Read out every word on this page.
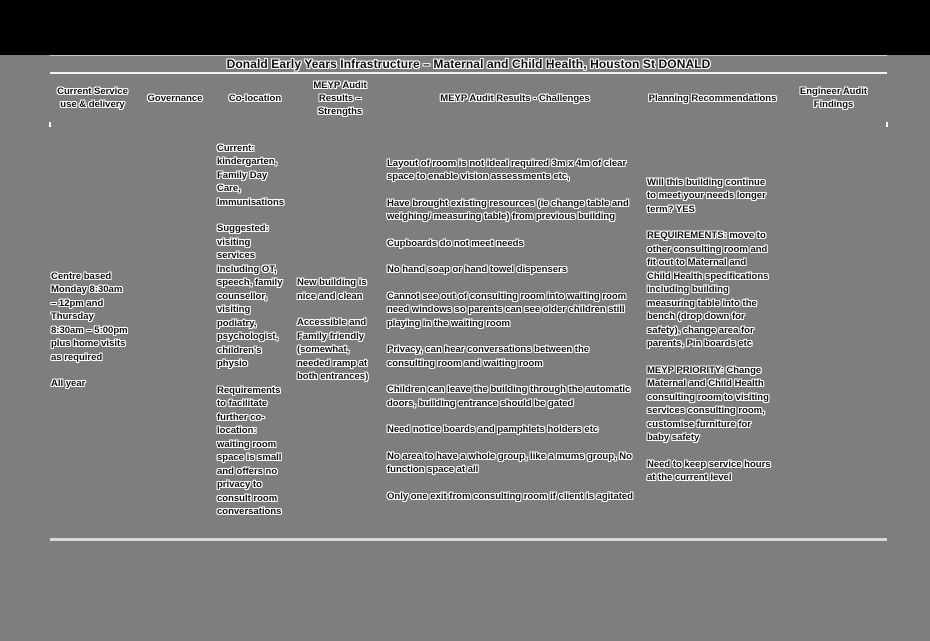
Donald Early Years Infrastructure – Maternal and Child Health, Houston St DONALD
Current Service use & delivery
Governance	Co-location
MEYP Audit Results – Strengths
MEYP Audit Results - Challenges	Planning Recommendations
Engineer Audit Findings

Centre based Monday 8:30am – 12pm and Thursday 8:30am – 5:00pm plus home visits as required

All year

Current: kindergarten, Family Day Care, Immunisations

Suggested: visiting services including OT, speech, family counsellor, visiting podiatry, psychologist, children's physio

Requirements to facilitate further co-location: waiting room space is small and offers no privacy to consult room conversations

New building is nice and clean

Accessible and Family friendly (somewhat, needed ramp at both entrances)

Layout of room is not ideal required 3m x 4m of clear space to enable vision assessments etc,

Have brought existing resources (ie change table and weighing/ measuring table) from previous building

Cupboards do not meet needs

No hand soap or hand towel dispensers

Cannot see out of consulting room into waiting room need windows so parents can see older children still playing in the waiting room

Privacy, can hear conversations between the consulting room and waiting room

Children can leave the building through the automatic doors, building entrance should be gated

Need notice boards and pamphlets holders etc

No area to have a whole group, like a mums group, No function space at all

Only one exit from consulting room if client is agitated

Will this building continue to meet your needs longer term? YES

REQUIREMENTS: move to other consulting room and fit out to Maternal and Child Health specifications including building measuring table into the bench (drop down for safety), change area for parents, Pin boards etc

MEYP PRIORITY: Change Maternal and Child Health consulting room to visiting services consulting room, customise furniture for baby safety

Need to keep service hours at the current level
